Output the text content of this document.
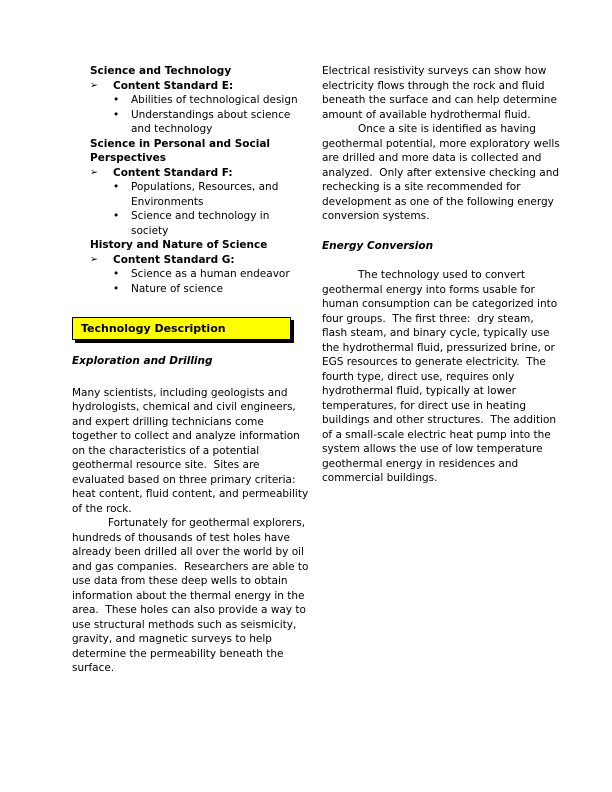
Science and Technology
➢	Content Standard E:
•	Abilities of technological design
•	Understandings about science and technology
Science in Personal and Social Perspectives
➢	Content Standard F:
•	Populations, Resources, and Environments
•	Science and technology in society
History and Nature of Science
➢	Content Standard G:
•	Science as a human endeavor
•	Nature of science
Technology Description
Exploration and Drilling

Many scientists, including geologists and hydrologists, chemical and civil engineers, and expert drilling technicians come together to collect and analyze information on the characteristics of a potential geothermal resource site.  Sites are evaluated based on three primary criteria: heat content, fluid content, and permeability of the rock.

Fortunately for geothermal explorers, hundreds of thousands of test holes have already been drilled all over the world by oil and gas companies.  Researchers are able to use data from these deep wells to obtain information about the thermal energy in the area.  These holes can also provide a way to use structural methods such as seismicity, gravity, and magnetic surveys to help determine the permeability beneath the surface.

Electrical resistivity surveys can show how electricity flows through the rock and fluid beneath the surface and can help determine amount of available hydrothermal fluid.

Once a site is identified as having geothermal potential, more exploratory wells are drilled and more data is collected and analyzed.  Only after extensive checking and rechecking is a site recommended for development as one of the following energy conversion systems.

Energy Conversion

The technology used to convert geothermal energy into forms usable for human consumption can be categorized into four groups.  The first three:  dry steam, flash steam, and binary cycle, typically use the hydrothermal fluid, pressurized brine, or EGS resources to generate electricity.  The fourth type, direct use, requires only hydrothermal fluid, typically at lower temperatures, for direct use in heating buildings and other structures.  The addition of a small-scale electric heat pump into the system allows the use of low temperature geothermal energy in residences and commercial buildings.
